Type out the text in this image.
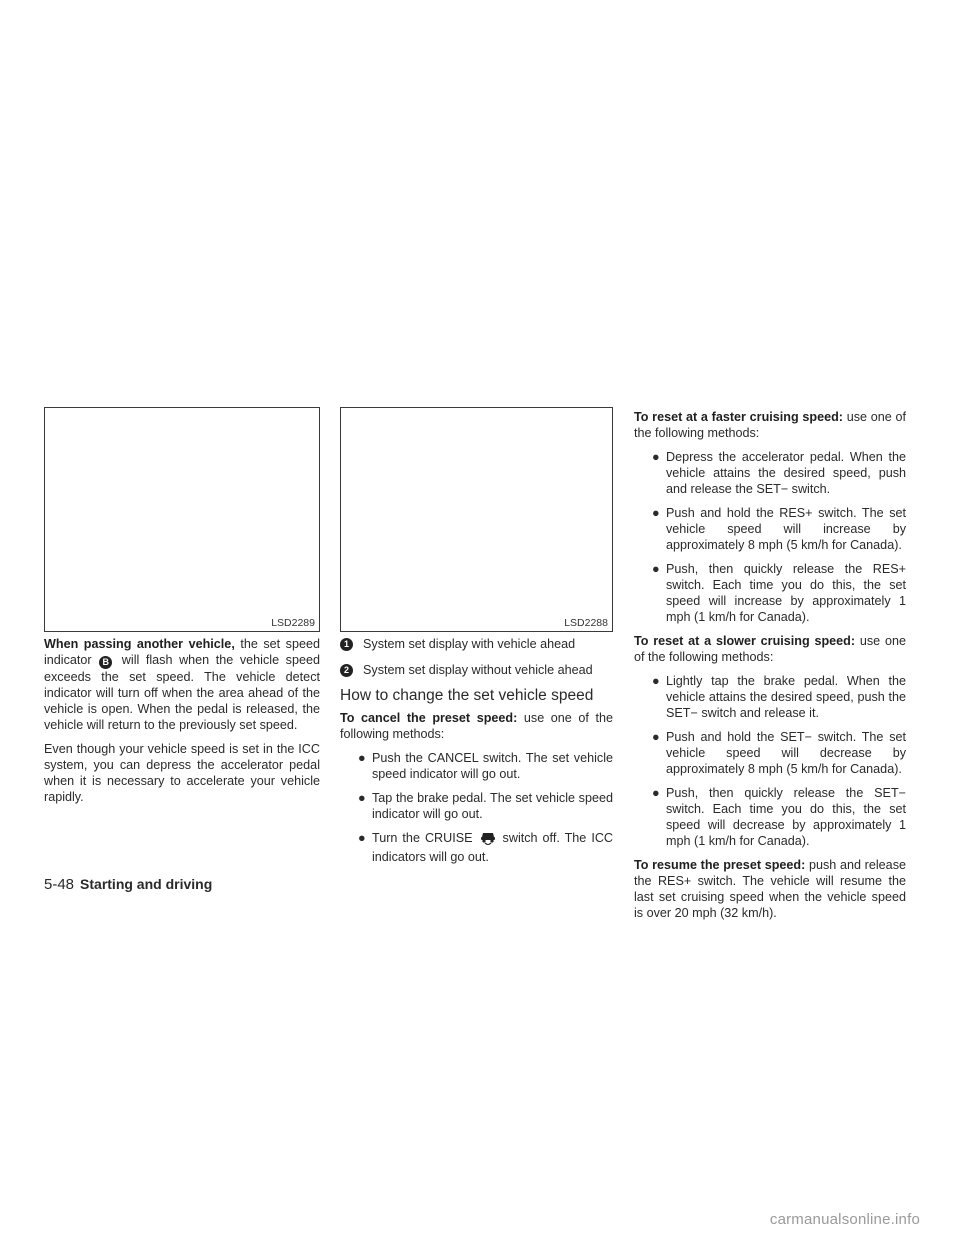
LSD2289	LSD2288

When passing another vehicle, the set speed indicator B will flash when the vehicle speed exceeds the set speed. The vehicle detect indicator will turn off when the area ahead of the vehicle is open. When the pedal is released, the vehicle will return to the previously set speed.

Even though your vehicle speed is set in the ICC system, you can depress the accelerator pedal when it is necessary to accelerate your vehicle rapidly.

1	System set display with vehicle ahead
2	System set display without vehicle ahead
How to change the set vehicle speed

To cancel the preset speed: use one of the following methods:

● Push the CANCEL switch. The set vehicle speed indicator will go out.
● Tap the brake pedal. The set vehicle speed indicator will go out.
● Turn the CRUISE  switch off. The ICC indicators will go out.

To reset at a faster cruising speed: use one of the following methods:

● Depress the accelerator pedal. When the vehicle attains the desired speed, push and release the SET− switch.
● Push and hold the RES+ switch. The set vehicle speed will increase by approximately 8 mph (5 km/h for Canada).
● Push, then quickly release the RES+ switch. Each time you do this, the set speed will increase by approximately 1 mph (1 km/h for Canada).

To reset at a slower cruising speed: use one of the following methods:

● Lightly tap the brake pedal. When the vehicle attains the desired speed, push the SET− switch and release it.
● Push and hold the SET− switch. The set vehicle speed will decrease by approximately 8 mph (5 km/h for Canada).
● Push, then quickly release the SET− switch. Each time you do this, the set speed will decrease by approximately 1 mph (1 km/h for Canada).

To resume the preset speed: push and release the RES+ switch. The vehicle will resume the last set cruising speed when the vehicle speed is over 20 mph (32 km/h).

5-48 Starting and driving
carmanualsonline.info
